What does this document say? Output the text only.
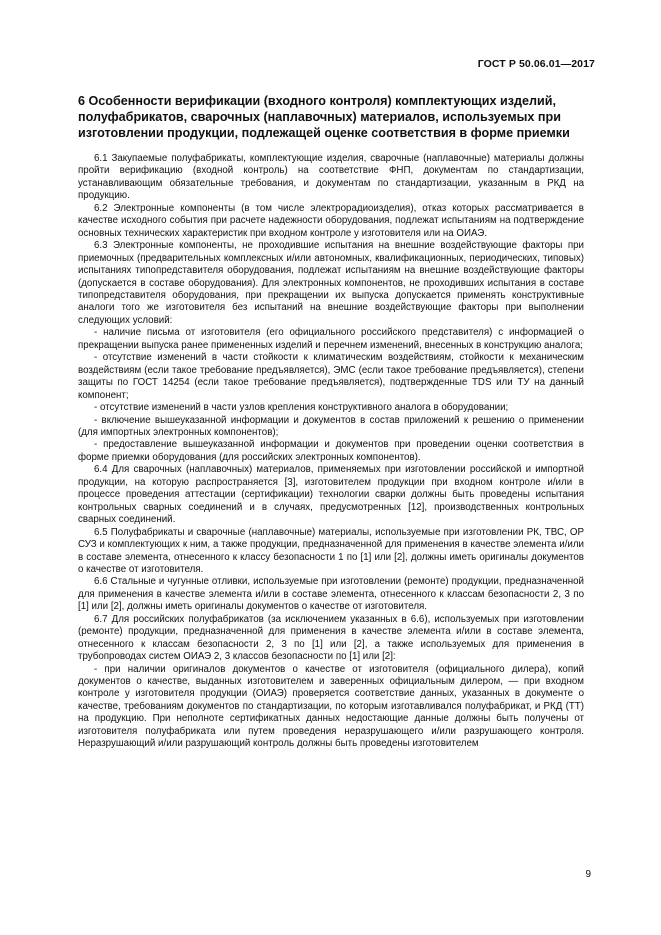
ГОСТ Р 50.06.01—2017
6 Особенности верификации (входного контроля) комплектующих изделий, полуфабрикатов, сварочных (наплавочных) материалов, используемых при изготовлении продукции, подлежащей оценке соответствия в форме приемки

6.1 Закупаемые полуфабрикаты, комплектующие изделия, сварочные (наплавочные) материалы должны пройти верификацию (входной контроль) на соответствие ФНП, документам по стандартизации, устанавливающим обязательные требования, и документам по стандартизации, указанным в РКД на продукцию.

6.2 Электронные компоненты (в том числе электрорадиоизделия), отказ которых рассматривается в качестве исходного события при расчете надежности оборудования, подлежат испытаниям на подтверждение основных технических характеристик при входном контроле у изготовителя или на ОИАЭ.

6.3 Электронные компоненты, не проходившие испытания на внешние воздействующие факторы при приемочных (предварительных комплексных и/или автономных, квалификационных, периодических, типовых) испытаниях типопредставителя оборудования, подлежат испытаниям на внешние воздействующие факторы (допускается в составе оборудования). Для электронных компонентов, не проходивших испытания в составе типопредставителя оборудования, при прекращении их выпуска допускается применять конструктивные аналоги того же изготовителя без испытаний на внешние воздействующие факторы при выполнении следующих условий:

- наличие письма от изготовителя (его официального российского представителя) с информацией о прекращении выпуска ранее примененных изделий и перечнем изменений, внесенных в конструкцию аналога;

- отсутствие изменений в части стойкости к климатическим воздействиям, стойкости к механическим воздействиям (если такое требование предъявляется), ЭМС (если такое требование предъявляется), степени защиты по ГОСТ 14254 (если такое требование предъявляется), подтвержденные TDS или ТУ на данный компонент;

- отсутствие изменений в части узлов крепления конструктивного аналога в оборудовании;

- включение вышеуказанной информации и документов в состав приложений к решению о применении (для импортных электронных компонентов);

- предоставление вышеуказанной информации и документов при проведении оценки соответствия в форме приемки оборудования (для российских электронных компонентов).

6.4 Для сварочных (наплавочных) материалов, применяемых при изготовлении российской и импортной продукции, на которую распространяется [3], изготовителем продукции при входном контроле и/или в процессе проведения аттестации (сертификации) технологии сварки должны быть проведены испытания контрольных сварных соединений и в случаях, предусмотренных [12], производственных контрольных сварных соединений.

6.5 Полуфабрикаты и сварочные (наплавочные) материалы, используемые при изготовлении РК, ТВС, ОР СУЗ и комплектующих к ним, а также продукции, предназначенной для применения в качестве элемента и/или в составе элемента, отнесенного к классу безопасности 1 по [1] или [2], должны иметь оригиналы документов о качестве от изготовителя.

6.6 Стальные и чугунные отливки, используемые при изготовлении (ремонте) продукции, предназначенной для применения в качестве элемента и/или в составе элемента, отнесенного к классам безопасности 2, 3 по [1] или [2], должны иметь оригиналы документов о качестве от изготовителя.

6.7 Для российских полуфабрикатов (за исключением указанных в 6.6), используемых при изготовлении (ремонте) продукции, предназначенной для применения в качестве элемента и/или в составе элемента, отнесенного к классам безопасности 2, 3 по [1] или [2], а также используемых для применения в трубопроводах систем ОИАЭ 2, 3 классов безопасности по [1] или [2]:

- при наличии оригиналов документов о качестве от изготовителя (официального дилера), копий документов о качестве, выданных изготовителем и заверенных официальным дилером, — при входном контроле у изготовителя продукции (ОИАЭ) проверяется соответствие данных, указанных в документе о качестве, требованиям документов по стандартизации, по которым изготавливался полуфабрикат, и РКД (ТТ) на продукцию. При неполноте сертификатных данных недостающие данные должны быть получены от изготовителя полуфабриката или путем проведения неразрушающего и/или разрушающего контроля. Неразрушающий и/или разрушающий контроль должны быть проведены изготовителем

9
